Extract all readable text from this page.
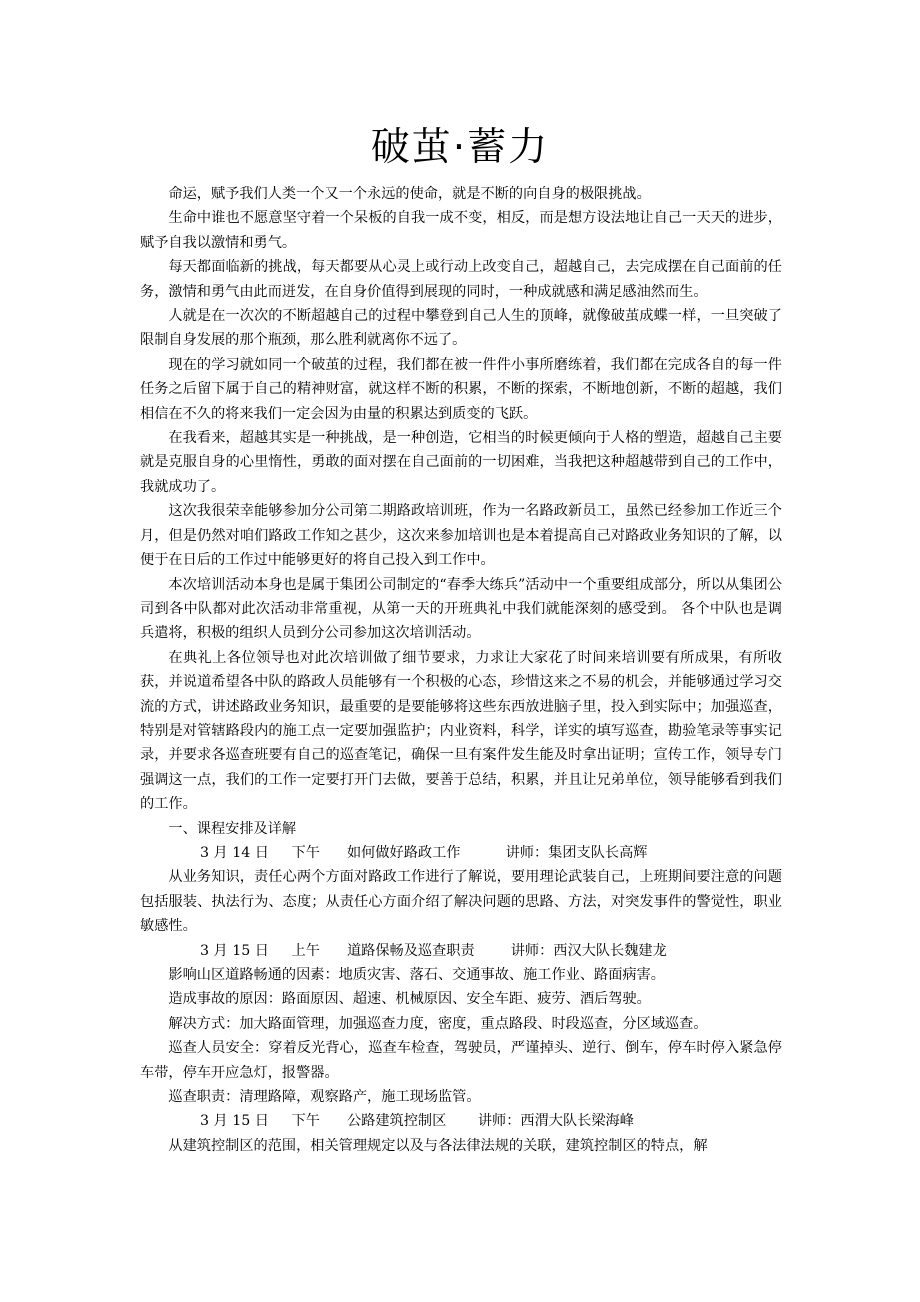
破茧·蓄力

命运，赋予我们人类一个又一个永远的使命，就是不断的向自身的极限挑战。

生命中谁也不愿意坚守着一个呆板的自我一成不变，相反，而是想方设法地让自己一天天的进步，赋予自我以激情和勇气。

每天都面临新的挑战，每天都要从心灵上或行动上改变自己，超越自己，去完成摆在自己面前的任务，激情和勇气由此而迸发，在自身价值得到展现的同时，一种成就感和满足感油然而生。

人就是在一次次的不断超越自己的过程中攀登到自己人生的顶峰，就像破茧成蝶一样，一旦突破了限制自身发展的那个瓶颈，那么胜利就离你不远了。

现在的学习就如同一个破茧的过程，我们都在被一件件小事所磨练着，我们都在完成各自的每一件任务之后留下属于自己的精神财富，就这样不断的积累，不断的探索，不断地创新，不断的超越，我们相信在不久的将来我们一定会因为由量的积累达到质变的飞跃。

在我看来，超越其实是一种挑战，是一种创造，它相当的时候更倾向于人格的塑造，超越自己主要就是克服自身的心里惰性，勇敢的面对摆在自己面前的一切困难，当我把这种超越带到自己的工作中，我就成功了。

这次我很荣幸能够参加分公司第二期路政培训班，作为一名路政新员工，虽然已经参加工作近三个月，但是仍然对咱们路政工作知之甚少，这次来参加培训也是本着提高自己对路政业务知识的了解，以便于在日后的工作过中能够更好的将自己投入到工作中。

本次培训活动本身也是属于集团公司制定的“春季大练兵”活动中一个重要组成部分，所以从集团公司到各中队都对此次活动非常重视，从第一天的开班典礼中我们就能深刻的感受到。 各个中队也是调兵遣将，积极的组织人员到分公司参加这次培训活动。

在典礼上各位领导也对此次培训做了细节要求，力求让大家花了时间来培训要有所成果，有所收获，并说道希望各中队的路政人员能够有一个积极的心态，珍惜这来之不易的机会，并能够通过学习交流的方式，讲述路政业务知识，最重要的是要能够将这些东西放进脑子里，投入到实际中；加强巡查，特别是对管辖路段内的施工点一定要加强监护；内业资料，科学，详实的填写巡查，勘验笔录等事实记录，并要求各巡查班要有自己的巡查笔记，确保一旦有案件发生能及时拿出证明；宣传工作，领导专门强调这一点，我们的工作一定要打开门去做，要善于总结，积累，并且让兄弟单位，领导能够看到我们的工作。

一、课程安排及详解

3 月 14 日     下午      如何做好路政工作          讲师：集团支队长高辉

从业务知识，责任心两个方面对路政工作进行了解说，要用理论武装自己，上班期间要注意的问题包括服装、执法行为、态度；从责任心方面介绍了解决问题的思路、方法，对突发事件的警觉性，职业敏感性。

3 月 15 日     上午      道路保畅及巡查职责        讲师：西汉大队长魏建龙

影响山区道路畅通的因素：地质灾害、落石、交通事故、施工作业、路面病害。

造成事故的原因：路面原因、超速、机械原因、安全车距、疲劳、酒后驾驶。

解决方式：加大路面管理，加强巡查力度，密度，重点路段、时段巡查，分区域巡查。

巡查人员安全：穿着反光背心，巡查车检查，驾驶员，严谨掉头、逆行、倒车，停车时停入紧急停车带，停车开应急灯，报警器。

巡查职责：清理路障，观察路产，施工现场监管。

3 月 15 日     下午      公路建筑控制区       讲师：西渭大队长梁海峰

从建筑控制区的范围，相关管理规定以及与各法律法规的关联，建筑控制区的特点，解
